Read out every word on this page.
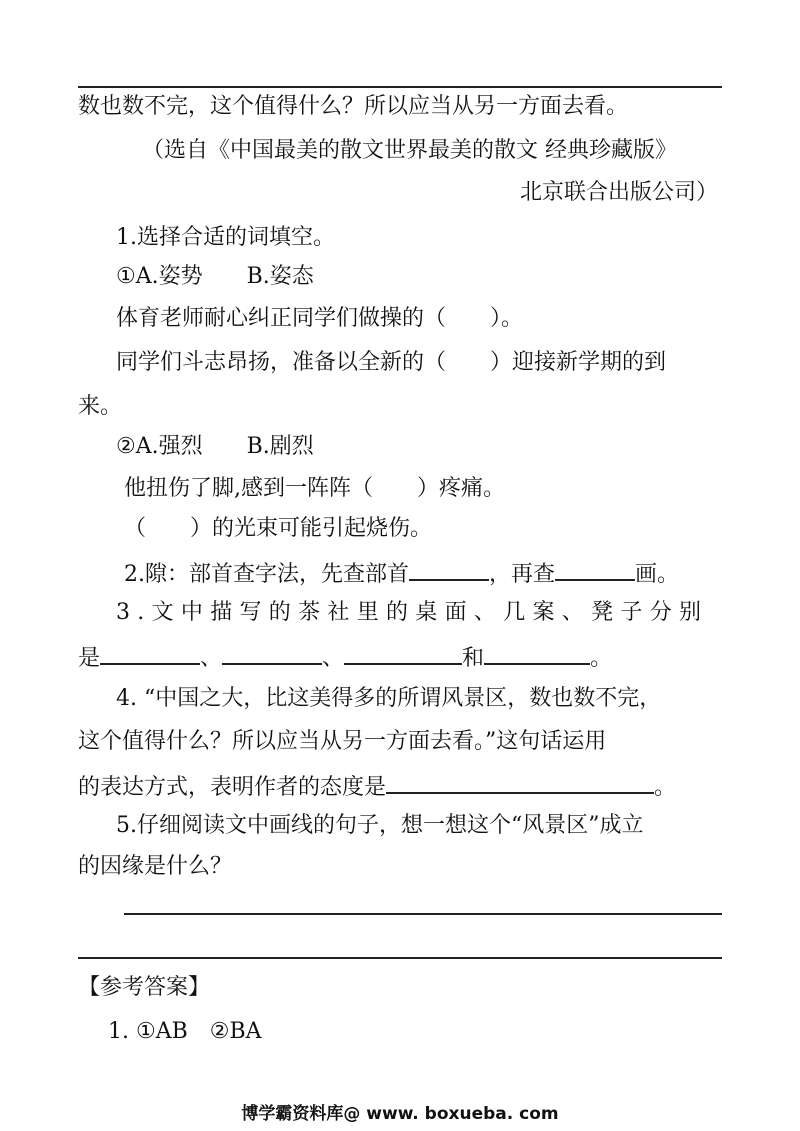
数也数不完，这个值得什么？所以应当从另一方面去看。
（选自《中国最美的散文世界最美的散文 经典珍藏版》
北京联合出版公司）
1.选择合适的词填空。
①A.姿势　　B.姿态
体育老师耐心纠正同学们做操的（　　）。
同学们斗志昂扬，准备以全新的（　　）迎接新学期的到
来。
②A.强烈　　B.剧烈
他扭伤了脚,感到一阵阵（　　）疼痛。
（　　）的光束可能引起烧伤。
2.隙：部首查字法，先查部首	，再查	画。
3.文中描写的茶社里的桌面、几案、凳子分别
是	、	、	和	。
4. “中国之大，比这美得多的所谓风景区，数也数不完，
这个值得什么？所以应当从另一方面去看。”这句话运用
的表达方式，表明作者的态度是	。
5.仔细阅读文中画线的句子，想一想这个“风景区”成立
的因缘是什么？
【参考答案】
1. ①AB　②BA
博学霸资料库@ www. boxueba. com
